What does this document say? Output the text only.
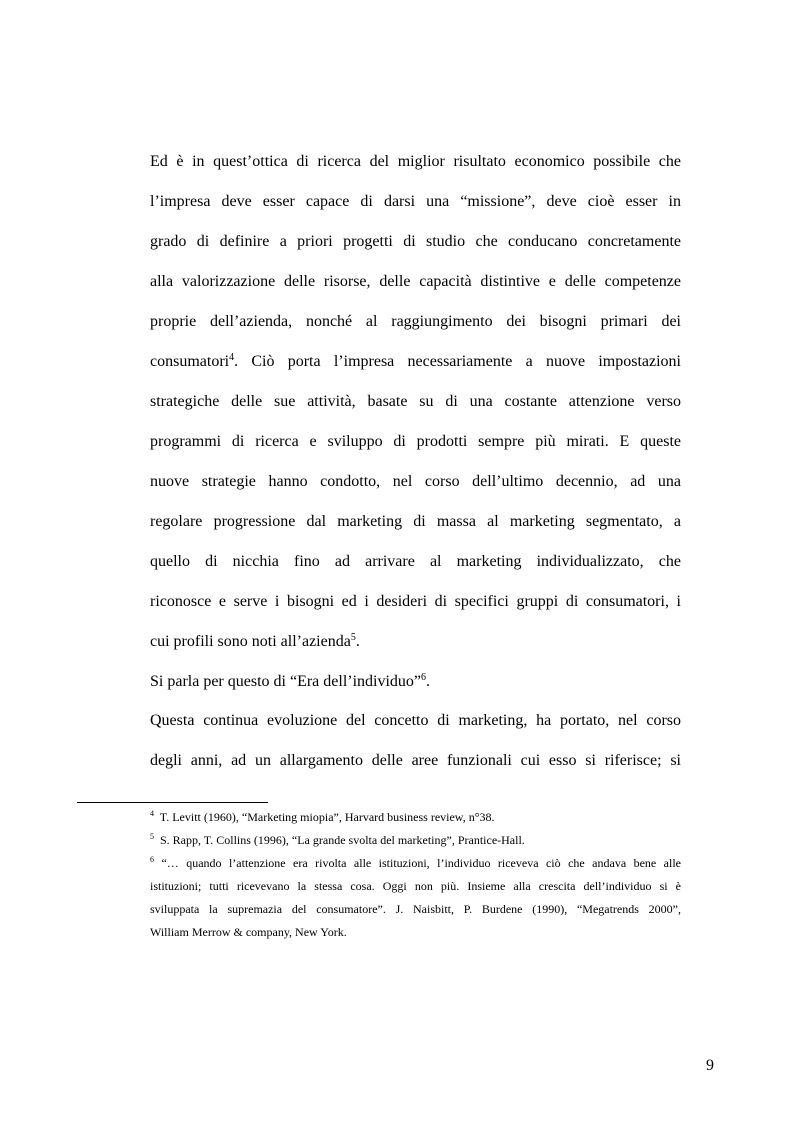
Ed è in quest’ottica di ricerca del miglior risultato economico possibile che
l’impresa deve esser capace di darsi una “missione”, deve cioè esser in
grado di definire a priori progetti di studio che conducano concretamente
alla valorizzazione delle risorse, delle capacità distintive e delle competenze
proprie dell’azienda, nonché al raggiungimento dei bisogni primari dei
consumatori$^4$. Ciò porta l’impresa necessariamente a nuove impostazioni
strategiche delle sue attività, basate su di una costante attenzione verso
programmi di ricerca e sviluppo di prodotti sempre più mirati. E queste
nuove strategie hanno condotto, nel corso dell’ultimo decennio, ad una
regolare progressione dal marketing di massa al marketing segmentato, a
quello di nicchia fino ad arrivare al marketing individualizzato, che
riconosce e serve i bisogni ed i desideri di specifici gruppi di consumatori, i
cui profili sono noti all’azienda$^5$.
Si parla per questo di “Era dell’individuo”$^6$.
Questa continua evoluzione del concetto di marketing, ha portato, nel corso
degli anni, ad un allargamento delle aree funzionali cui esso si riferisce; si
$^4$  T. Levitt (1960), “Marketing miopia”, Harvard business review, n°38.
$^5$  S. Rapp, T. Collins (1996), “La grande svolta del marketing”, Prantice-Hall.
$^6$ “… quando l’attenzione era rivolta alle istituzioni, l’individuo riceveva ciò che andava bene alle
istituzioni; tutti ricevevano la stessa cosa. Oggi non più. Insieme alla crescita dell’individuo si è
sviluppata la supremazia del consumatore”. J. Naisbitt, P. Burdene (1990), “Megatrends 2000”,
William Merrow & company, New York.
9
